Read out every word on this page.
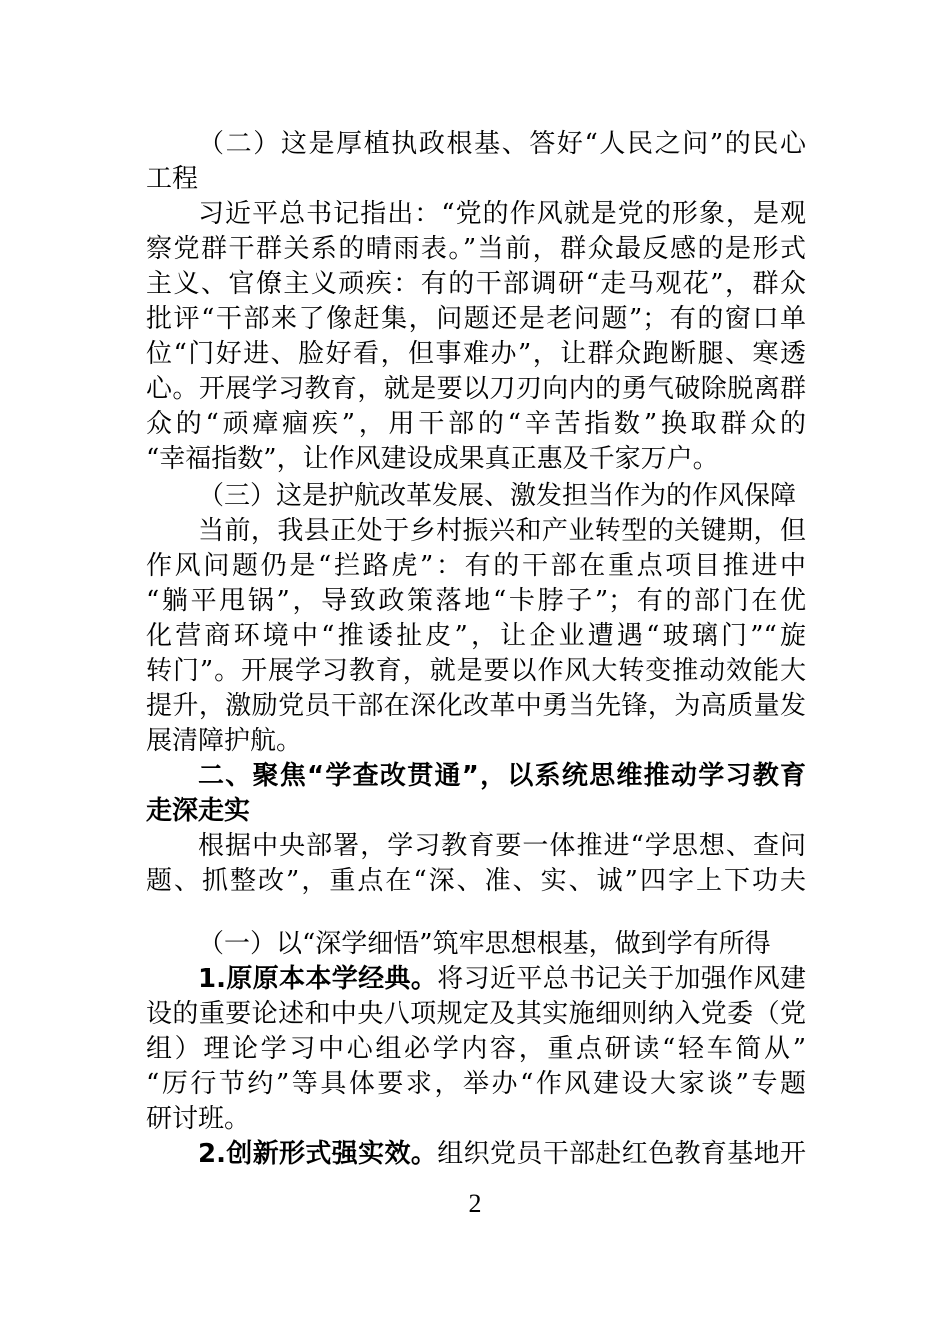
（二）这是厚植执政根基、答好“人民之问”的民心
工程
习近平总书记指出：“党的作风就是党的形象，是观
察党群干群关系的晴雨表。”当前，群众最反感的是形式
主义、官僚主义顽疾：有的干部调研“走马观花”，群众
批评“干部来了像赶集，问题还是老问题”；有的窗口单
位“门好进、脸好看，但事难办”，让群众跑断腿、寒透
心。开展学习教育，就是要以刀刃向内的勇气破除脱离群
众的“顽瘴痼疾”，用干部的“辛苦指数”换取群众的
“幸福指数”，让作风建设成果真正惠及千家万户。
（三）这是护航改革发展、激发担当作为的作风保障
当前，我县正处于乡村振兴和产业转型的关键期，但
作风问题仍是“拦路虎”：有的干部在重点项目推进中
“躺平甩锅”，导致政策落地“卡脖子”；有的部门在优
化营商环境中“推诿扯皮”，让企业遭遇“玻璃门”“旋
转门”。开展学习教育，就是要以作风大转变推动效能大
提升，激励党员干部在深化改革中勇当先锋，为高质量发
展清障护航。
二、聚焦“学查改贯通”，以系统思维推动学习教育
走深走实
根据中央部署，学习教育要一体推进“学思想、查问
题、抓整改”，重点在“深、准、实、诚”四字上下功夫
（一）以“深学细悟”筑牢思想根基，做到学有所得
1.原原本本学经典。将习近平总书记关于加强作风建
设的重要论述和中央八项规定及其实施细则纳入党委（党
组）理论学习中心组必学内容，重点研读“轻车简从”
“厉行节约”等具体要求，举办“作风建设大家谈”专题
研讨班。
2.创新形式强实效。组织党员干部赴红色教育基地开
2
